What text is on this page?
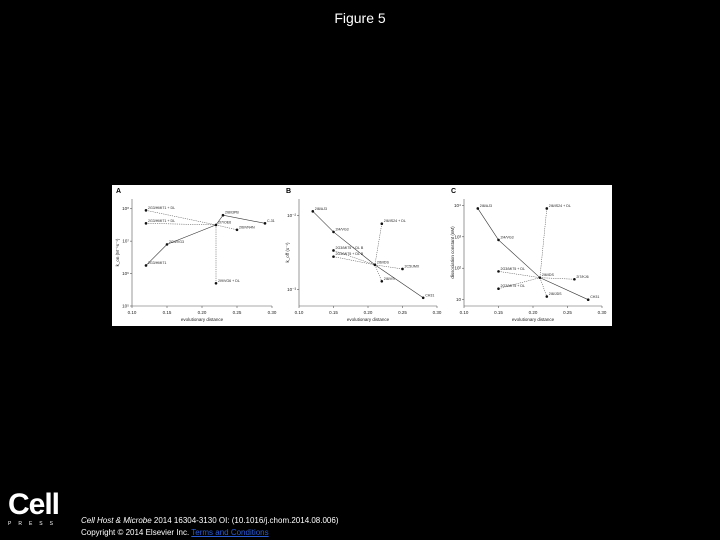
Figure 5
A
0.10	0.15	0.20	0.25	0.30
10⁸
10⁷
10⁶
10⁵
evolutionary distance
k_on (M⁻¹s⁻¹)
2G3/HMI71 + DL
2G3/HMI71 + DL
2G3/HMI71
2G4/VG3
2I7/OE6
2I8/I3PB
2I6/VN4N
C-31
2I9/VG6 + DL
B
0.10	0.15	0.20	0.25	0.30
10⁻²
10⁻³
evolutionary distance
k_off (s⁻¹)
2I8/AJ3
2I4/VG3
2G3/MI75 + DL B
2G3/MI75 + DL B
2I6/IDS
2I6/IS24 + DL
2C5/JMX
2I8/VS
CH31
C
0.10	0.15	0.20	0.25	0.30
10⁴
10³
10²
10
evolutionary distance
dissociation constant (nM)
2I8/AJ3	2I6/IS24 + DL
2I4/VG3
2G3/MI75 + DL
2I6/IDS	2I7/KJ6
2G3/MI75 + DL
2I8/JDS
CH31
Cell
PRESS	Cell Host & Microbe 2014 16304-3130 OI: (10.1016/j.chom.2014.08.006)
Copyright © 2014 Elsevier Inc. Terms and Conditions
